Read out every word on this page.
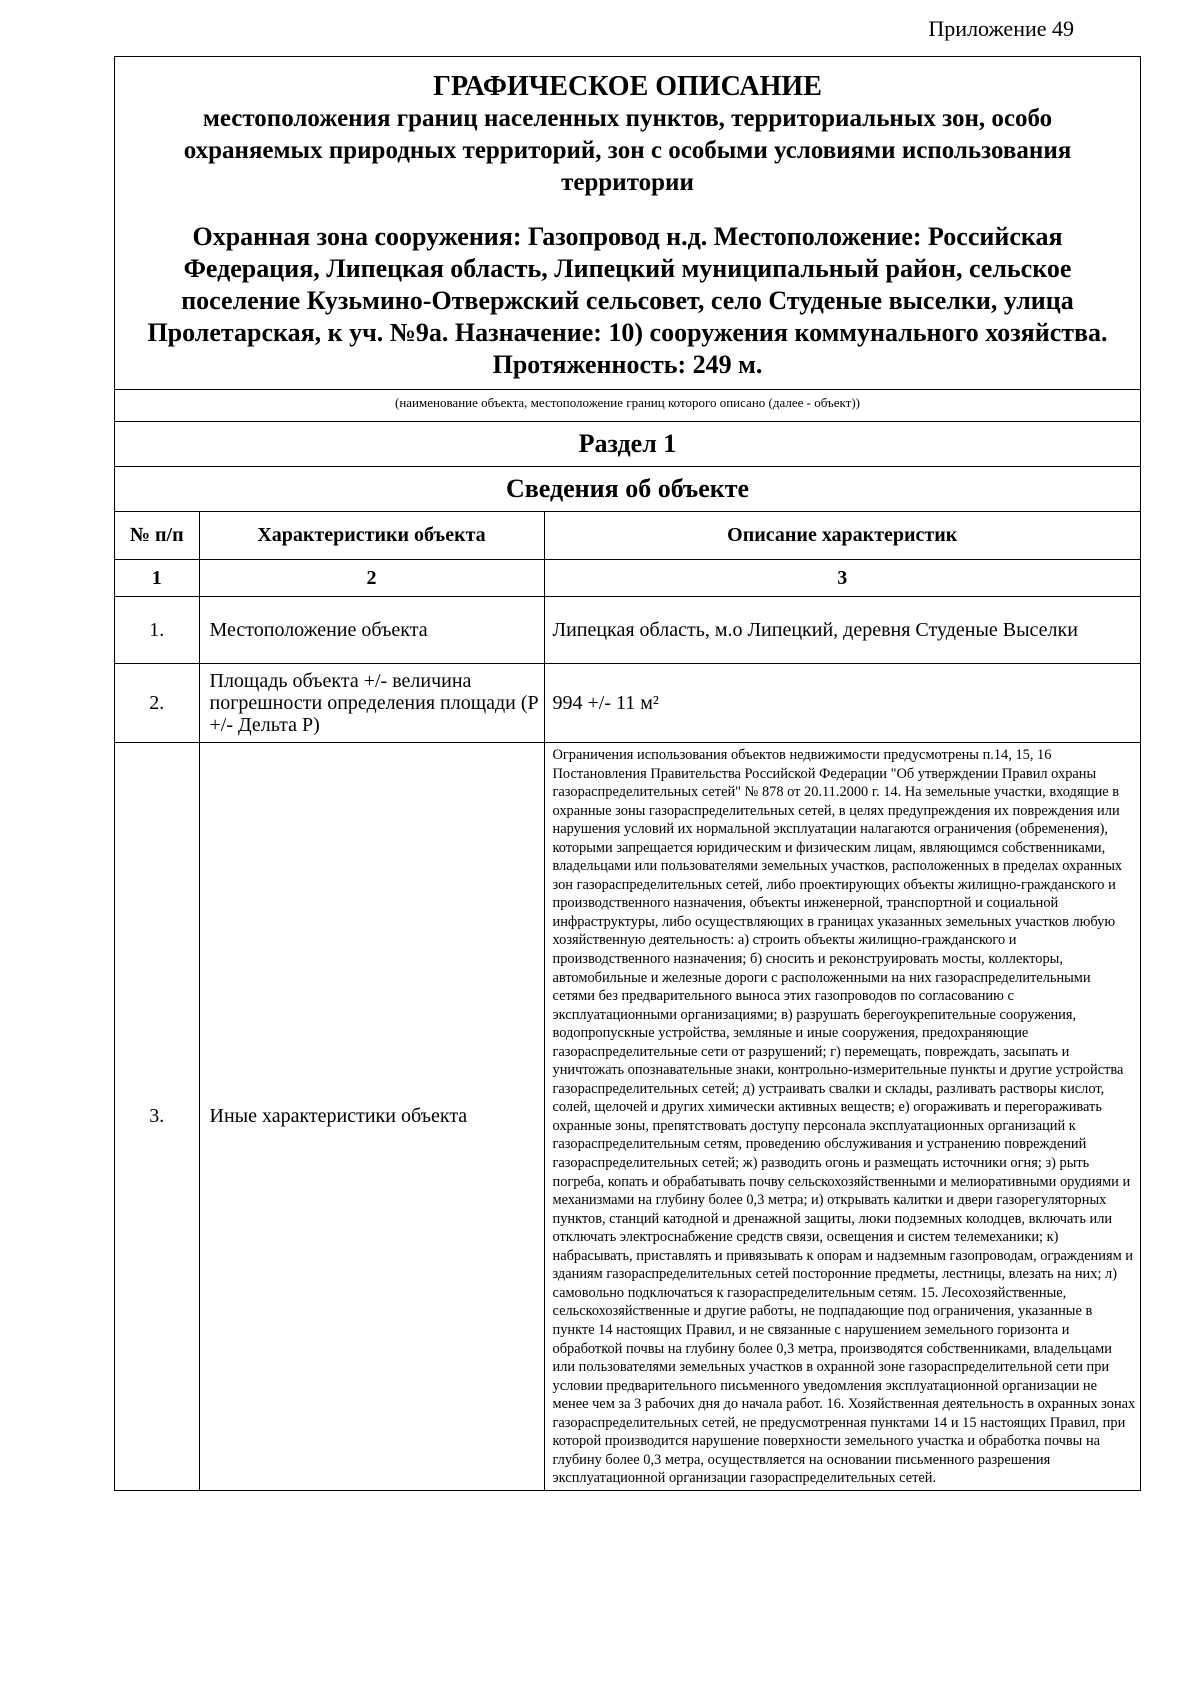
Приложение 49
ГРАФИЧЕСКОЕ ОПИСАНИЕ
местоположения границ населенных пунктов, территориальных зон, особо охраняемых природных территорий, зон с особыми условиями использования территории
Охранная зона сооружения: Газопровод н.д. Местоположение: Российская Федерация, Липецкая область, Липецкий муниципальный район, сельское поселение Кузьмино-Отвержский сельсовет, село Студеные выселки, улица Пролетарская, к уч. №9а. Назначение: 10) сооружения коммунального хозяйства. Протяженность: 249 м.
(наименование объекта, местоположение границ которого описано (далее - объект))
Раздел 1
Сведения об объекте
№ п/п	Характеристики объекта	Описание характеристик
1	2	3
1.	Местоположение объекта	Липецкая область, м.о Липецкий, деревня Студеные Выселки
2.	Площадь объекта +/- величина погрешности определения площади (Р +/- Дельта Р)	994 +/- 11 м²
3.	Иные характеристики объекта	Ограничения использования объектов недвижимости предусмотрены п.14, 15, 16 Постановления Правительства Российской Федерации "Об утверждении Правил охраны газораспределительных сетей" № 878 от 20.11.2000 г. 14. На земельные участки, входящие в охранные зоны газораспределительных сетей, в целях предупреждения их повреждения или нарушения условий их нормальной эксплуатации налагаются ограничения (обременения), которыми запрещается юридическим и физическим лицам, являющимся собственниками, владельцами или пользователями земельных участков, расположенных в пределах охранных зон газораспределительных сетей, либо проектирующих объекты жилищно-гражданского и производственного назначения, объекты инженерной, транспортной и социальной инфраструктуры, либо осуществляющих в границах указанных земельных участков любую хозяйственную деятельность: а) строить объекты жилищно-гражданского и производственного назначения; б) сносить и реконструировать мосты, коллекторы, автомобильные и железные дороги с расположенными на них газораспределительными сетями без предварительного выноса этих газопроводов по согласованию с эксплуатационными организациями; в) разрушать берегоукрепительные сооружения, водопропускные устройства, земляные и иные сооружения, предохраняющие газораспределительные сети от разрушений; г) перемещать, повреждать, засыпать и уничтожать опознавательные знаки, контрольно-измерительные пункты и другие устройства газораспределительных сетей; д) устраивать свалки и склады, разливать растворы кислот, солей, щелочей и других химически активных веществ; е) огораживать и перегораживать охранные зоны, препятствовать доступу персонала эксплуатационных организаций к газораспределительным сетям, проведению обслуживания и устранению повреждений газораспределительных сетей; ж) разводить огонь и размещать источники огня; з) рыть погреба, копать и обрабатывать почву сельскохозяйственными и мелиоративными орудиями и механизмами на глубину более 0,3 метра; и) открывать калитки и двери газорегуляторных пунктов, станций катодной и дренажной защиты, люки подземных колодцев, включать или отключать электроснабжение средств связи, освещения и систем телемеханики; к) набрасывать, приставлять и привязывать к опорам и надземным газопроводам, ограждениям и зданиям газораспределительных сетей посторонние предметы, лестницы, влезать на них; л) самовольно подключаться к газораспределительным сетям. 15. Лесохозяйственные, сельскохозяйственные и другие работы, не подпадающие под ограничения, указанные в пункте 14 настоящих Правил, и не связанные с нарушением земельного горизонта и обработкой почвы на глубину более 0,3 метра, производятся собственниками, владельцами или пользователями земельных участков в охранной зоне газораспределительной сети при условии предварительного письменного уведомления эксплуатационной организации не менее чем за 3 рабочих дня до начала работ. 16. Хозяйственная деятельность в охранных зонах газораспределительных сетей, не предусмотренная пунктами 14 и 15 настоящих Правил, при которой производится нарушение поверхности земельного участка и обработка почвы на глубину более 0,3 метра, осуществляется на основании письменного разрешения эксплуатационной организации газораспределительных сетей.
